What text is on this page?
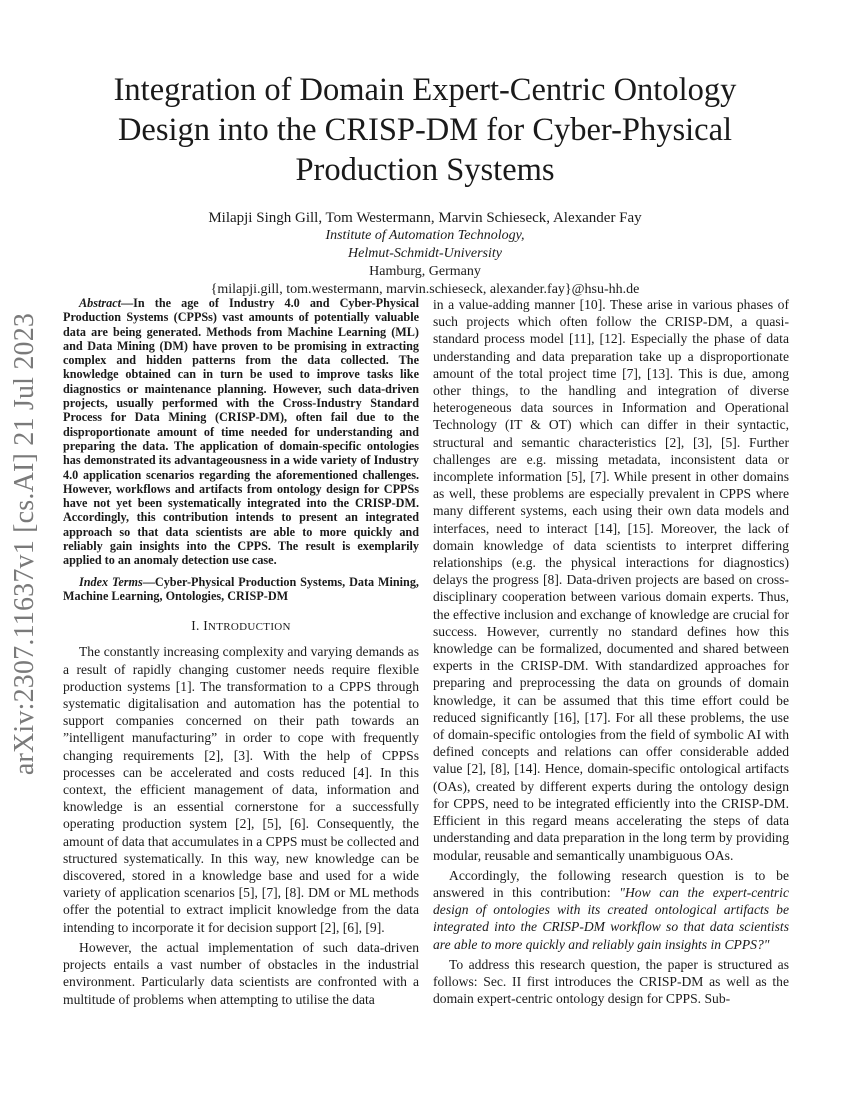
arXiv:2307.11637v1 [cs.AI] 21 Jul 2023
Integration of Domain Expert-Centric Ontology Design into the CRISP-DM for Cyber-Physical Production Systems
Milapji Singh Gill, Tom Westermann, Marvin Schieseck, Alexander Fay
Institute of Automation Technology,
Helmut-Schmidt-University
Hamburg, Germany
{milapji.gill, tom.westermann, marvin.schieseck, alexander.fay}@hsu-hh.de

Abstract—In the age of Industry 4.0 and Cyber-Physical Production Systems (CPPSs) vast amounts of potentially valuable data are being generated. Methods from Machine Learning (ML) and Data Mining (DM) have proven to be promising in extracting complex and hidden patterns from the data collected. The knowledge obtained can in turn be used to improve tasks like diagnostics or maintenance planning. However, such data-driven projects, usually performed with the Cross-Industry Standard Process for Data Mining (CRISP-DM), often fail due to the disproportionate amount of time needed for understanding and preparing the data. The application of domain-specific ontologies has demonstrated its advantageousness in a wide variety of Industry 4.0 application scenarios regarding the aforementioned challenges. However, workflows and artifacts from ontology design for CPPSs have not yet been systematically integrated into the CRISP-DM. Accordingly, this contribution intends to present an integrated approach so that data scientists are able to more quickly and reliably gain insights into the CPPS. The result is exemplarily applied to an anomaly detection use case.

Index Terms—Cyber-Physical Production Systems, Data Mining, Machine Learning, Ontologies, CRISP-DM

I. INTRODUCTION

The constantly increasing complexity and varying demands as a result of rapidly changing customer needs require flexible production systems [1]. The transformation to a CPPS through systematic digitalisation and automation has the potential to support companies concerned on their path towards an ”intelligent manufacturing” in order to cope with frequently changing requirements [2], [3]. With the help of CPPSs processes can be accelerated and costs reduced [4]. In this context, the efficient management of data, information and knowledge is an essential cornerstone for a successfully operating production system [2], [5], [6]. Consequently, the amount of data that accumulates in a CPPS must be collected and structured systematically. In this way, new knowledge can be discovered, stored in a knowledge base and used for a wide variety of application scenarios [5], [7], [8]. DM or ML methods offer the potential to extract implicit knowledge from the data intending to incorporate it for decision support [2], [6], [9].

However, the actual implementation of such data-driven projects entails a vast number of obstacles in the industrial environment. Particularly data scientists are confronted with a multitude of problems when attempting to utilise the data

in a value-adding manner [10]. These arise in various phases of such projects which often follow the CRISP-DM, a quasi-standard process model [11], [12]. Especially the phase of data understanding and data preparation take up a disproportionate amount of the total project time [7], [13]. This is due, among other things, to the handling and integration of diverse heterogeneous data sources in Information and Operational Technology (IT & OT) which can differ in their syntactic, structural and semantic characteristics [2], [3], [5]. Further challenges are e.g. missing metadata, inconsistent data or incomplete information [5], [7]. While present in other domains as well, these problems are especially prevalent in CPPS where many different systems, each using their own data models and interfaces, need to interact [14], [15]. Moreover, the lack of domain knowledge of data scientists to interpret differing relationships (e.g. the physical interactions for diagnostics) delays the progress [8]. Data-driven projects are based on cross-disciplinary cooperation between various domain experts. Thus, the effective inclusion and exchange of knowledge are crucial for success. However, currently no standard defines how this knowledge can be formalized, documented and shared between experts in the CRISP-DM. With standardized approaches for preparing and preprocessing the data on grounds of domain knowledge, it can be assumed that this time effort could be reduced significantly [16], [17]. For all these problems, the use of domain-specific ontologies from the field of symbolic AI with defined concepts and relations can offer considerable added value [2], [8], [14]. Hence, domain-specific ontological artifacts (OAs), created by different experts during the ontology design for CPPS, need to be integrated efficiently into the CRISP-DM. Efficient in this regard means accelerating the steps of data understanding and data preparation in the long term by providing modular, reusable and semantically unambiguous OAs.

Accordingly, the following research question is to be answered in this contribution: "How can the expert-centric design of ontologies with its created ontological artifacts be integrated into the CRISP-DM workflow so that data scientists are able to more quickly and reliably gain insights in CPPS?"

To address this research question, the paper is structured as follows: Sec. II first introduces the CRISP-DM as well as the domain expert-centric ontology design for CPPS. Sub-
